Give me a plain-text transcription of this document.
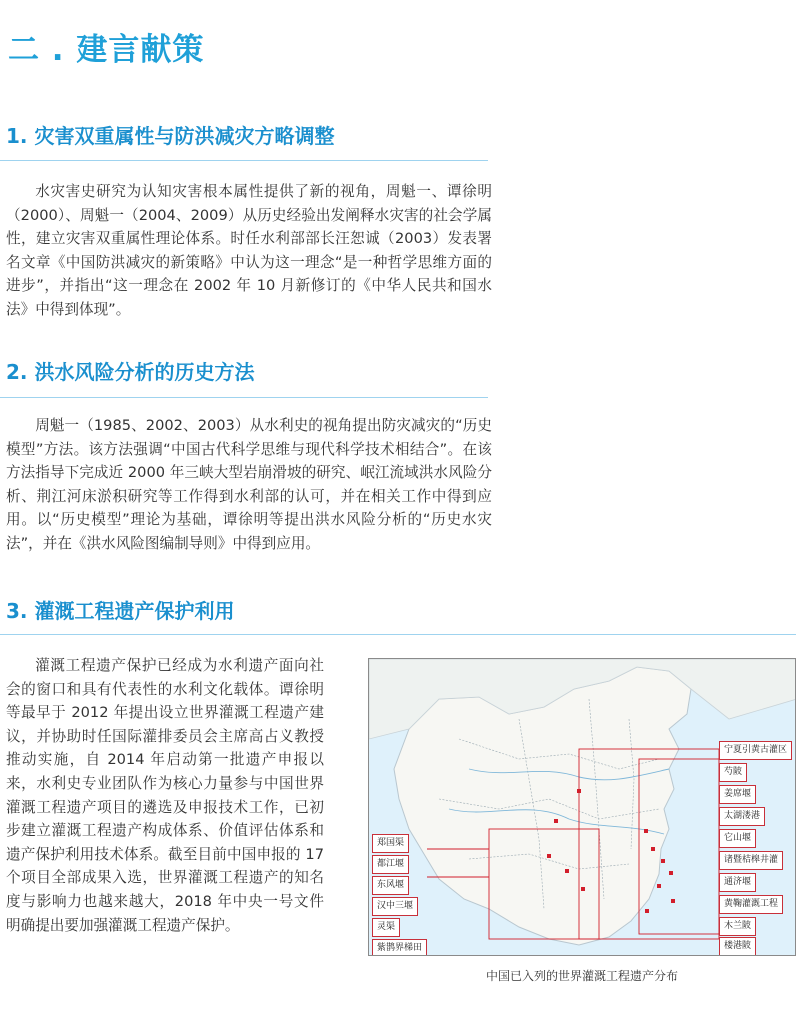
二 . 建言献策
1. 灾害双重属性与防洪减灾方略调整

水灾害史研究为认知灾害根本属性提供了新的视角，周魁一、谭徐明（2000）、周魁一（2004、2009）从历史经验出发阐释水灾害的社会学属性，建立灾害双重属性理论体系。时任水利部部长汪恕诚（2003）发表署名文章《中国防洪减灾的新策略》中认为这一理念“是一种哲学思维方面的进步”，并指出“这一理念在 2002 年 10 月新修订的《中华人民共和国水法》中得到体现”。

2. 洪水风险分析的历史方法

周魁一（1985、2002、2003）从水利史的视角提出防灾减灾的“历史模型”方法。该方法强调“中国古代科学思维与现代科学技术相结合”。在该方法指导下完成近 2000 年三峡大型岩崩滑坡的研究、岷江流域洪水风险分析、荆江河床淤积研究等工作得到水利部的认可，并在相关工作中得到应用。以“历史模型”理论为基础，谭徐明等提出洪水风险分析的“历史水灾法”，并在《洪水风险图编制导则》中得到应用。

3. 灌溉工程遗产保护利用

灌溉工程遗产保护已经成为水利遗产面向社会的窗口和具有代表性的水利文化载体。谭徐明等最早于 2012 年提出设立世界灌溉工程遗产建议，并协助时任国际灌排委员会主席高占义教授推动实施，自 2014 年启动第一批遗产申报以来，水利史专业团队作为核心力量参与中国世界灌溉工程遗产项目的遴选及申报技术工作，已初步建立灌溉工程遗产构成体系、价值评估体系和遗产保护利用技术体系。截至目前中国申报的 17 个项目全部成果入选，世界灌溉工程遗产的知名度与影响力也越来越大，2018 年中央一号文件明确提出要加强灌溉工程遗产保护。

郑国渠
都江堰
东风堰
汉中三堰
灵渠
紫鹊界梯田
宁夏引黄古灌区
芍陂
姜席堰
太湖溇港
它山堰
诸暨桔槔井灌
通济堰
黄鞠灌溉工程
木兰陂
楼港陂
中国已入列的世界灌溉工程遗产分布
